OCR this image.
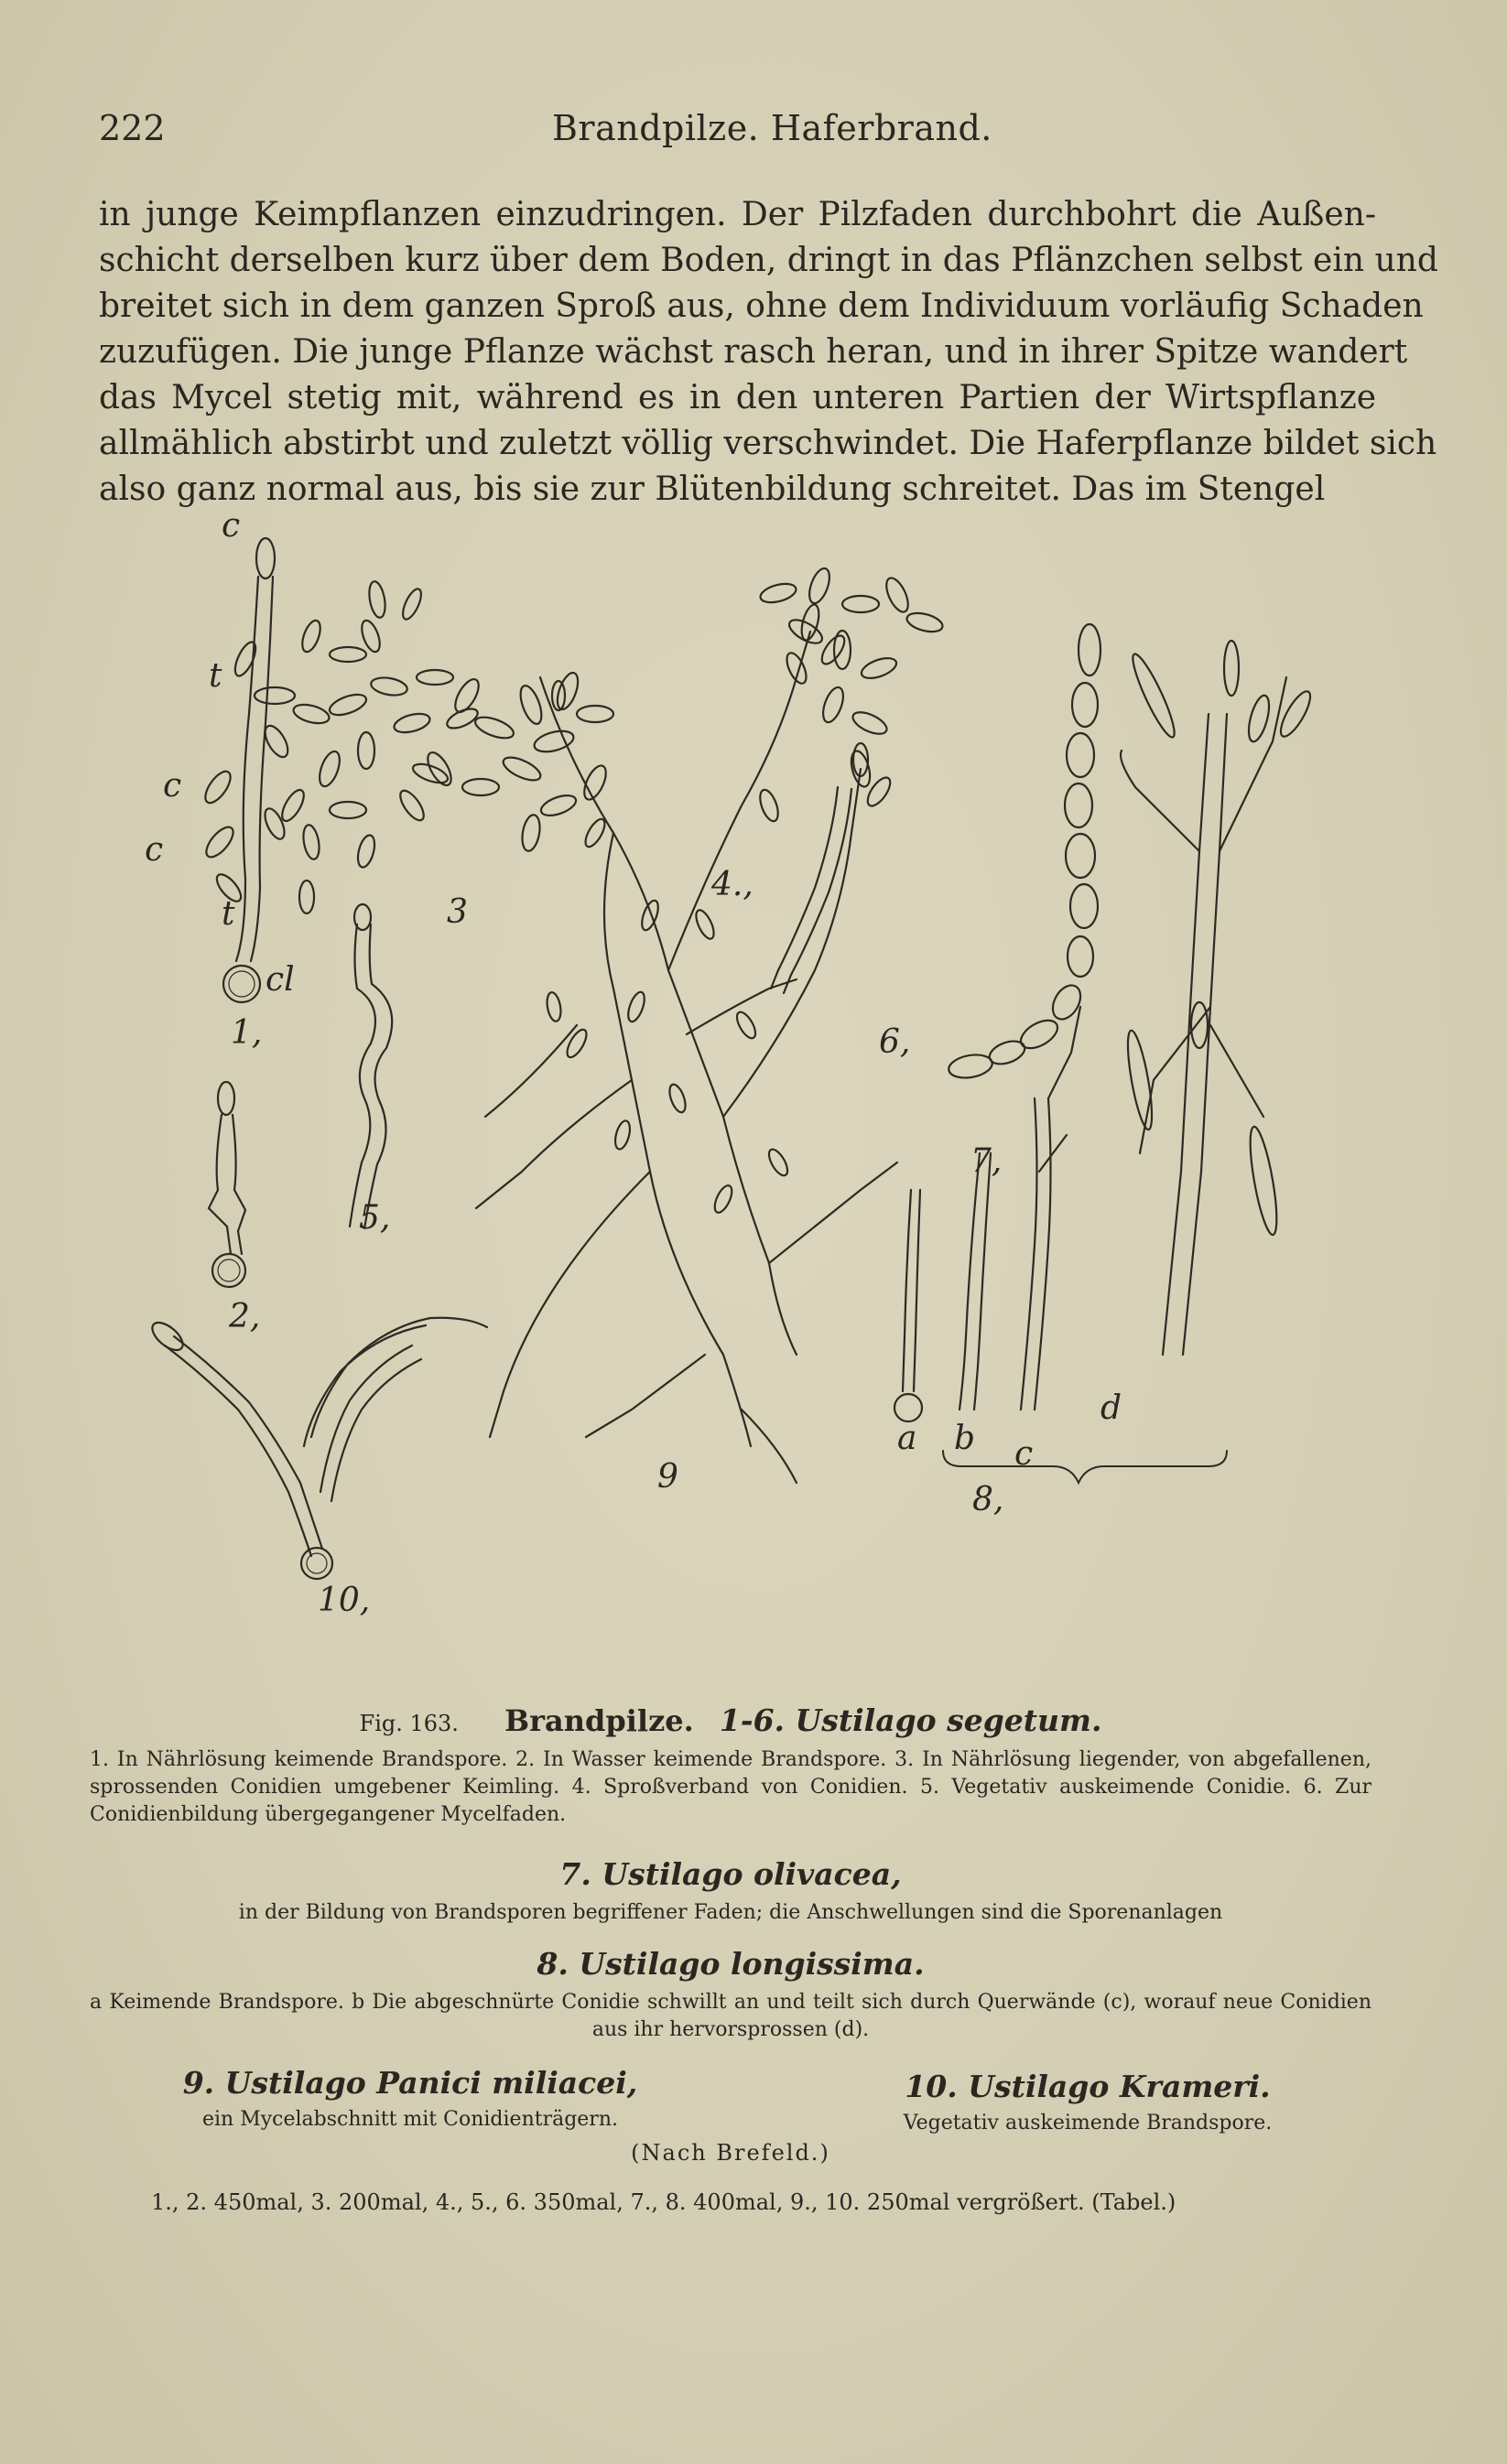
222	Brandpilze. Haferbrand.
in junge Keimpflanzen einzudringen. Der Pilzfaden durchbohrt die Außen-
schicht derselben kurz über dem Boden, dringt in das Pflänzchen selbst ein und
breitet sich in dem ganzen Sproß aus, ohne dem Individuum vorläufig Schaden
zuzufügen. Die junge Pflanze wächst rasch heran, und in ihrer Spitze wandert
das Mycel stetig mit, während es in den unteren Partien der Wirtspflanze
allmählich abstirbt und zuletzt völlig verschwindet. Die Haferpflanze bildet sich
also ganz normal aus, bis sie zur Blütenbildung schreitet. Das im Stengel
c
t
c
c
t
cl
1,
2,
3
4.,
5,
6,
7,
8,
9
10,
a b c
d
Fig. 163. Brandpilze. 1-6. Ustilago segetum.
1. In Nährlösung keimende Brandspore. 2. In Wasser keimende Brandspore. 3. In Nährlösung liegender, von abgefallenen, sprossenden Conidien umgebener Keimling. 4. Sproßverband von Conidien. 5. Vegetativ auskeimende Conidie. 6. Zur Conidienbildung übergegangener Mycelfaden.
7. Ustilago olivacea,
in der Bildung von Brandsporen begriffener Faden; die Anschwellungen sind die Sporenanlagen
8. Ustilago longissima.
a Keimende Brandspore. b Die abgeschnürte Conidie schwillt an und teilt sich durch Querwände (c), worauf neue Conidien aus ihr hervorsprossen (d).
9. Ustilago Panici miliacei,
ein Mycelabschnitt mit Conidienträgern.
10. Ustilago Krameri.
Vegetativ auskeimende Brandspore.
(Nach Brefeld.)
1., 2. 450mal, 3. 200mal, 4., 5., 6. 350mal, 7., 8. 400mal, 9., 10. 250mal vergrößert. (Tabel.)
